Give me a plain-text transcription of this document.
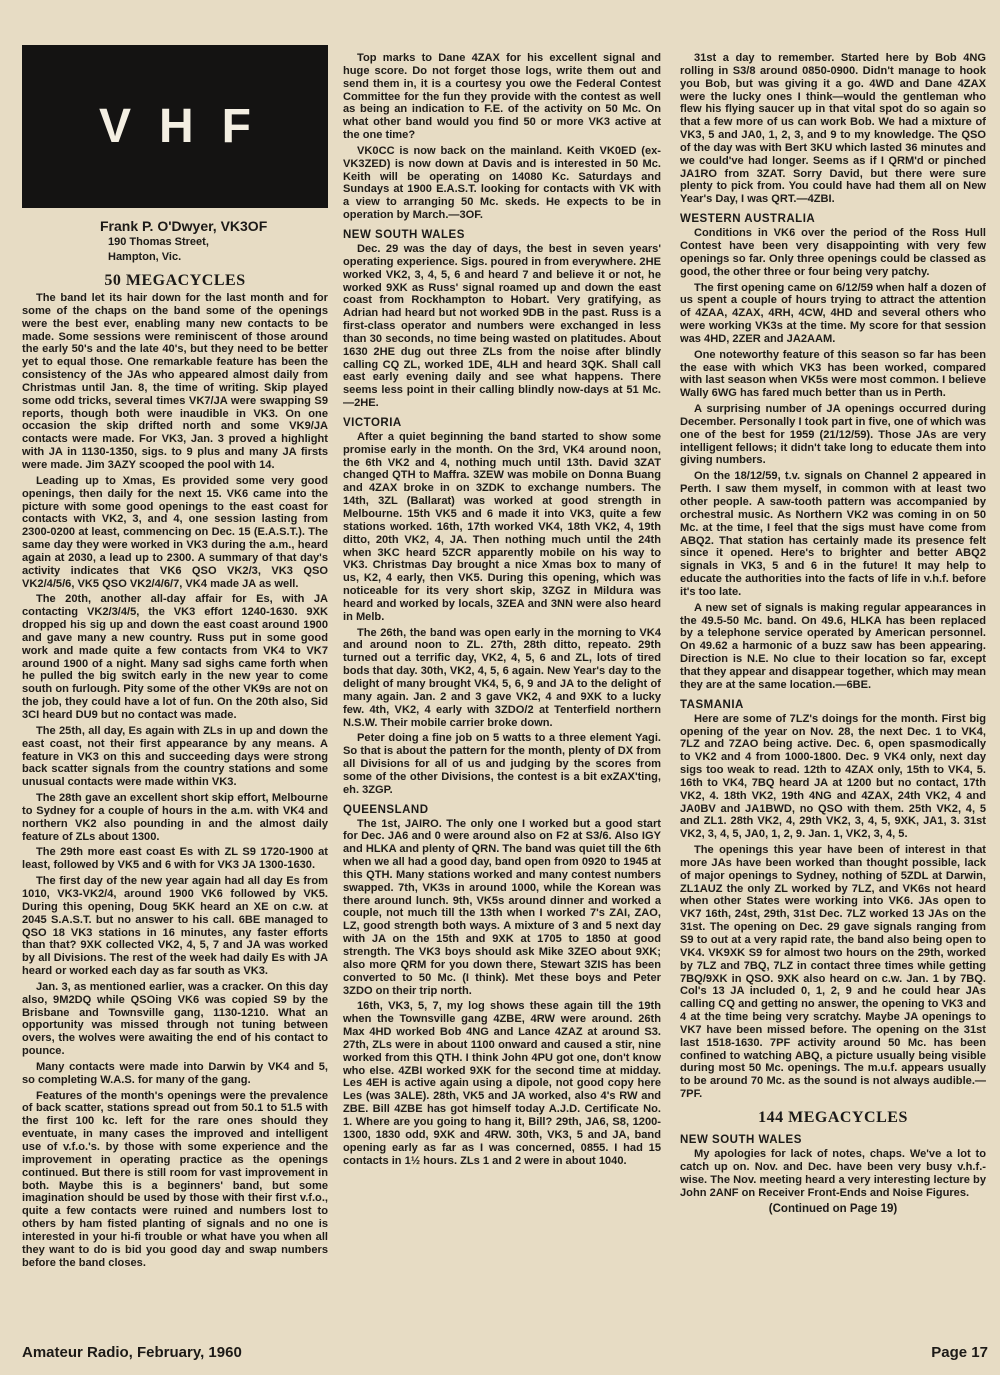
VHF
Frank P. O'Dwyer, VK3OF
190 Thomas Street,
Hampton, Vic.
50 MEGACYCLES

The band let its hair down for the last month and for some of the chaps on the band some of the openings were the best ever, enabling many new contacts to be made. Some sessions were reminiscent of those around the early 50's and the late 40's, but they need to be better yet to equal those. One remarkable feature has been the consistency of the JAs who appeared almost daily from Christmas until Jan. 8, the time of writing. Skip played some odd tricks, several times VK7/JA were swapping S9 reports, though both were inaudible in VK3. On one occasion the skip drifted north and some VK9/JA contacts were made. For VK3, Jan. 3 proved a highlight with JA in 1130-1350, sigs. to 9 plus and many JA firsts were made. Jim 3AZY scooped the pool with 14.

Leading up to Xmas, Es provided some very good openings, then daily for the next 15. VK6 came into the picture with some good openings to the east coast for contacts with VK2, 3, and 4, one session lasting from 2300-0200 at least, commencing on Dec. 15 (E.A.S.T.). The same day they were worked in VK3 during the a.m., heard again at 2030, a lead up to 2300. A summary of that day's activity indicates that VK6 QSO VK2/3, VK3 QSO VK2/4/5/6, VK5 QSO VK2/4/6/7, VK4 made JA as well.

The 20th, another all-day affair for Es, with JA contacting VK2/3/4/5, the VK3 effort 1240-1630. 9XK dropped his sig up and down the east coast around 1900 and gave many a new country. Russ put in some good work and made quite a few contacts from VK4 to VK7 around 1900 of a night. Many sad sighs came forth when he pulled the big switch early in the new year to come south on furlough. Pity some of the other VK9s are not on the job, they could have a lot of fun. On the 20th also, Sid 3CI heard DU9 but no contact was made.

The 25th, all day, Es again with ZLs in up and down the east coast, not their first appearance by any means. A feature in VK3 on this and succeeding days were strong back scatter signals from the country stations and some unusual contacts were made within VK3.

The 28th gave an excellent short skip effort, Melbourne to Sydney for a couple of hours in the a.m. with VK4 and northern VK2 also pounding in and the almost daily feature of ZLs about 1300.

The 29th more east coast Es with ZL S9 1720-1900 at least, followed by VK5 and 6 with for VK3 JA 1300-1630.

The first day of the new year again had all day Es from 1010, VK3-VK2/4, around 1900 VK6 followed by VK5. During this opening, Doug 5KK heard an XE on c.w. at 2045 S.A.S.T. but no answer to his call. 6BE managed to QSO 18 VK3 stations in 16 minutes, any faster efforts than that? 9XK collected VK2, 4, 5, 7 and JA was worked by all Divisions. The rest of the week had daily Es with JA heard or worked each day as far south as VK3.

Jan. 3, as mentioned earlier, was a cracker. On this day also, 9M2DQ while QSOing VK6 was copied S9 by the Brisbane and Townsville gang, 1130-1210. What an opportunity was missed through not tuning between overs, the wolves were awaiting the end of his contact to pounce.

Many contacts were made into Darwin by VK4 and 5, so completing W.A.S. for many of the gang.

Features of the month's openings were the prevalence of back scatter, stations spread out from 50.1 to 51.5 with the first 100 kc. left for the rare ones should they eventuate, in many cases the improved and intelligent use of v.f.o.'s. by those with some experience and the improvement in operating practice as the openings continued. But there is still room for vast improvement in both. Maybe this is a beginners' band, but some imagination should be used by those with their first v.f.o., quite a few contacts were ruined and numbers lost to others by ham fisted planting of signals and no one is interested in your hi-fi trouble or what have you when all they want to do is bid you good day and swap numbers before the band closes.

Top marks to Dane 4ZAX for his excellent signal and huge score. Do not forget those logs, write them out and send them in, it is a courtesy you owe the Federal Contest Committee for the fun they provide with the contest as well as being an indication to F.E. of the activity on 50 Mc. On what other band would you find 50 or more VK3 active at the one time?

VK0CC is now back on the mainland. Keith VK0ED (ex-VK3ZED) is now down at Davis and is interested in 50 Mc. Keith will be operating on 14080 Kc. Saturdays and Sundays at 1900 E.A.S.T. looking for contacts with VK with a view to arranging 50 Mc. skeds. He expects to be in operation by March.—3OF.

NEW SOUTH WALES

Dec. 29 was the day of days, the best in seven years' operating experience. Sigs. poured in from everywhere. 2HE worked VK2, 3, 4, 5, 6 and heard 7 and believe it or not, he worked 9XK as Russ' signal roamed up and down the east coast from Rockhampton to Hobart. Very gratifying, as Adrian had heard but not worked 9DB in the past. Russ is a first-class operator and numbers were exchanged in less than 30 seconds, no time being wasted on platitudes. About 1630 2HE dug out three ZLs from the noise after blindly calling CQ ZL, worked 1DE, 4LH and heard 3QK. Shall call east early evening daily and see what happens. There seems less point in their calling blindly now-days at 51 Mc.—2HE.

VICTORIA

After a quiet beginning the band started to show some promise early in the month. On the 3rd, VK4 around noon, the 6th VK2 and 4, nothing much until 13th. David 3ZAT changed QTH to Maffra. 3ZEW was mobile on Donna Buang and 4ZAX broke in on 3ZDK to exchange numbers. The 14th, 3ZL (Ballarat) was worked at good strength in Melbourne. 15th VK5 and 6 made it into VK3, quite a few stations worked. 16th, 17th worked VK4, 18th VK2, 4, 19th ditto, 20th VK2, 4, JA. Then nothing much until the 24th when 3KC heard 5ZCR apparently mobile on his way to VK3. Christmas Day brought a nice Xmas box to many of us, K2, 4 early, then VK5. During this opening, which was noticeable for its very short skip, 3ZGZ in Mildura was heard and worked by locals, 3ZEA and 3NN were also heard in Melb.

The 26th, the band was open early in the morning to VK4 and around noon to ZL. 27th, 28th ditto, repeato. 29th turned out a terrific day, VK2, 4, 5, 6 and ZL, lots of tired bods that day. 30th, VK2, 4, 5, 6 again. New Year's day to the delight of many brought VK4, 5, 6, 9 and JA to the delight of many again. Jan. 2 and 3 gave VK2, 4 and 9XK to a lucky few. 4th, VK2, 4 early with 3ZDO/2 at Tenterfield northern N.S.W. Their mobile carrier broke down.

Peter doing a fine job on 5 watts to a three element Yagi. So that is about the pattern for the month, plenty of DX from all Divisions for all of us and judging by the scores from some of the other Divisions, the contest is a bit exZAX'ting, eh. 3ZGP.

QUEENSLAND

The 1st, JAIRO. The only one I worked but a good start for Dec. JA6 and 0 were around also on F2 at S3/6. Also IGY and HLKA and plenty of QRN. The band was quiet till the 6th when we all had a good day, band open from 0920 to 1945 at this QTH. Many stations worked and many contest numbers swapped. 7th, VK3s in around 1000, while the Korean was there around lunch. 9th, VK5s around dinner and worked a couple, not much till the 13th when I worked 7's ZAI, ZAO, LZ, good strength both ways. A mixture of 3 and 5 next day with JA on the 15th and 9XK at 1705 to 1850 at good strength. The VK3 boys should ask Mike 3ZEO about 9XK; also more QRM for you down there, Stewart 3ZIS has been converted to 50 Mc. (I think). Met these boys and Peter 3ZDO on their trip north.

16th, VK3, 5, 7, my log shows these again till the 19th when the Townsville gang 4ZBE, 4RW were around. 26th Max 4HD worked Bob 4NG and Lance 4ZAZ at around S3. 27th, ZLs were in about 1100 onward and caused a stir, nine worked from this QTH. I think John 4PU got one, don't know who else. 4ZBI worked 9XK for the second time at midday. Les 4EH is active again using a dipole, not good copy here Les (was 3ALE). 28th, VK5 and JA worked, also 4's RW and ZBE. Bill 4ZBE has got himself today A.J.D. Certificate No. 1. Where are you going to hang it, Bill? 29th, JA6, S8, 1200-1300, 1830 odd, 9XK and 4RW. 30th, VK3, 5 and JA, band opening early as far as I was concerned, 0855. I had 15 contacts in 1½ hours. ZLs 1 and 2 were in about 1040.

31st a day to remember. Started here by Bob 4NG rolling in S3/8 around 0850-0900. Didn't manage to hook you Bob, but was giving it a go. 4WD and Dane 4ZAX were the lucky ones I think—would the gentleman who flew his flying saucer up in that vital spot do so again so that a few more of us can work Bob. We had a mixture of VK3, 5 and JA0, 1, 2, 3, and 9 to my knowledge. The QSO of the day was with Bert 3KU which lasted 36 minutes and we could've had longer. Seems as if I QRM'd or pinched JA1RO from 3ZAT. Sorry David, but there were sure plenty to pick from. You could have had them all on New Year's Day, I was QRT.—4ZBI.

WESTERN AUSTRALIA

Conditions in VK6 over the period of the Ross Hull Contest have been very disappointing with very few openings so far. Only three openings could be classed as good, the other three or four being very patchy.

The first opening came on 6/12/59 when half a dozen of us spent a couple of hours trying to attract the attention of 4ZAA, 4ZAX, 4RH, 4CW, 4HD and several others who were working VK3s at the time. My score for that session was 4HD, 2ZER and JA2AAM.

One noteworthy feature of this season so far has been the ease with which VK3 has been worked, compared with last season when VK5s were most common. I believe Wally 6WG has fared much better than us in Perth.

A surprising number of JA openings occurred during December. Personally I took part in five, one of which was one of the best for 1959 (21/12/59). Those JAs are very intelligent fellows; it didn't take long to educate them into giving numbers.

On the 18/12/59, t.v. signals on Channel 2 appeared in Perth. I saw them myself, in common with at least two other people. A saw-tooth pattern was accompanied by orchestral music. As Northern VK2 was coming in on 50 Mc. at the time, I feel that the sigs must have come from ABQ2. That station has certainly made its presence felt since it opened. Here's to brighter and better ABQ2 signals in VK3, 5 and 6 in the future! It may help to educate the authorities into the facts of life in v.h.f. before it's too late.

A new set of signals is making regular appearances in the 49.5-50 Mc. band. On 49.6, HLKA has been replaced by a telephone service operated by American personnel. On 49.62 a harmonic of a buzz saw has been appearing. Direction is N.E. No clue to their location so far, except that they appear and disappear together, which may mean they are at the same location.—6BE.

TASMANIA

Here are some of 7LZ's doings for the month. First big opening of the year on Nov. 28, the next Dec. 1 to VK4, 7LZ and 7ZAO being active. Dec. 6, open spasmodically to VK2 and 4 from 1000-1800. Dec. 9 VK4 only, next day sigs too weak to read. 12th to 4ZAX only, 15th to VK4, 5. 16th to VK4, 7BQ heard JA at 1200 but no contact, 17th VK2, 4. 18th VK2, 19th 4NG and 4ZAX, 24th VK2, 4 and JA0BV and JA1BWD, no QSO with them. 25th VK2, 4, 5 and ZL1. 28th VK2, 4, 29th VK2, 3, 4, 5, 9XK, JA1, 3. 31st VK2, 3, 4, 5, JA0, 1, 2, 9. Jan. 1, VK2, 3, 4, 5.

The openings this year have been of interest in that more JAs have been worked than thought possible, lack of major openings to Sydney, nothing of 5ZDL at Darwin, ZL1AUZ the only ZL worked by 7LZ, and VK6s not heard when other States were working into VK6. JAs open to VK7 16th, 24st, 29th, 31st Dec. 7LZ worked 13 JAs on the 31st. The opening on Dec. 29 gave signals ranging from S9 to out at a very rapid rate, the band also being open to VK4. VK9XK S9 for almost two hours on the 29th, worked by 7LZ and 7BQ, 7LZ in contact three times while getting 7BQ/9XK in QSO. 9XK also heard on c.w. Jan. 1 by 7BQ. Col's 13 JA included 0, 1, 2, 9 and he could hear JAs calling CQ and getting no answer, the opening to VK3 and 4 at the time being very scratchy. Maybe JA openings to VK7 have been missed before. The opening on the 31st last 1518-1630. 7PF activity around 50 Mc. has been confined to watching ABQ, a picture usually being visible during most 50 Mc. openings. The m.u.f. appears usually to be around 70 Mc. as the sound is not always audible.—7PF.

144 MEGACYCLES
NEW SOUTH WALES

My apologies for lack of notes, chaps. We've a lot to catch up on. Nov. and Dec. have been very busy v.h.f.-wise. The Nov. meeting heard a very interesting lecture by John 2ANF on Receiver Front-Ends and Noise Figures.

(Continued on Page 19)
Amateur Radio, February, 1960	Page 17
